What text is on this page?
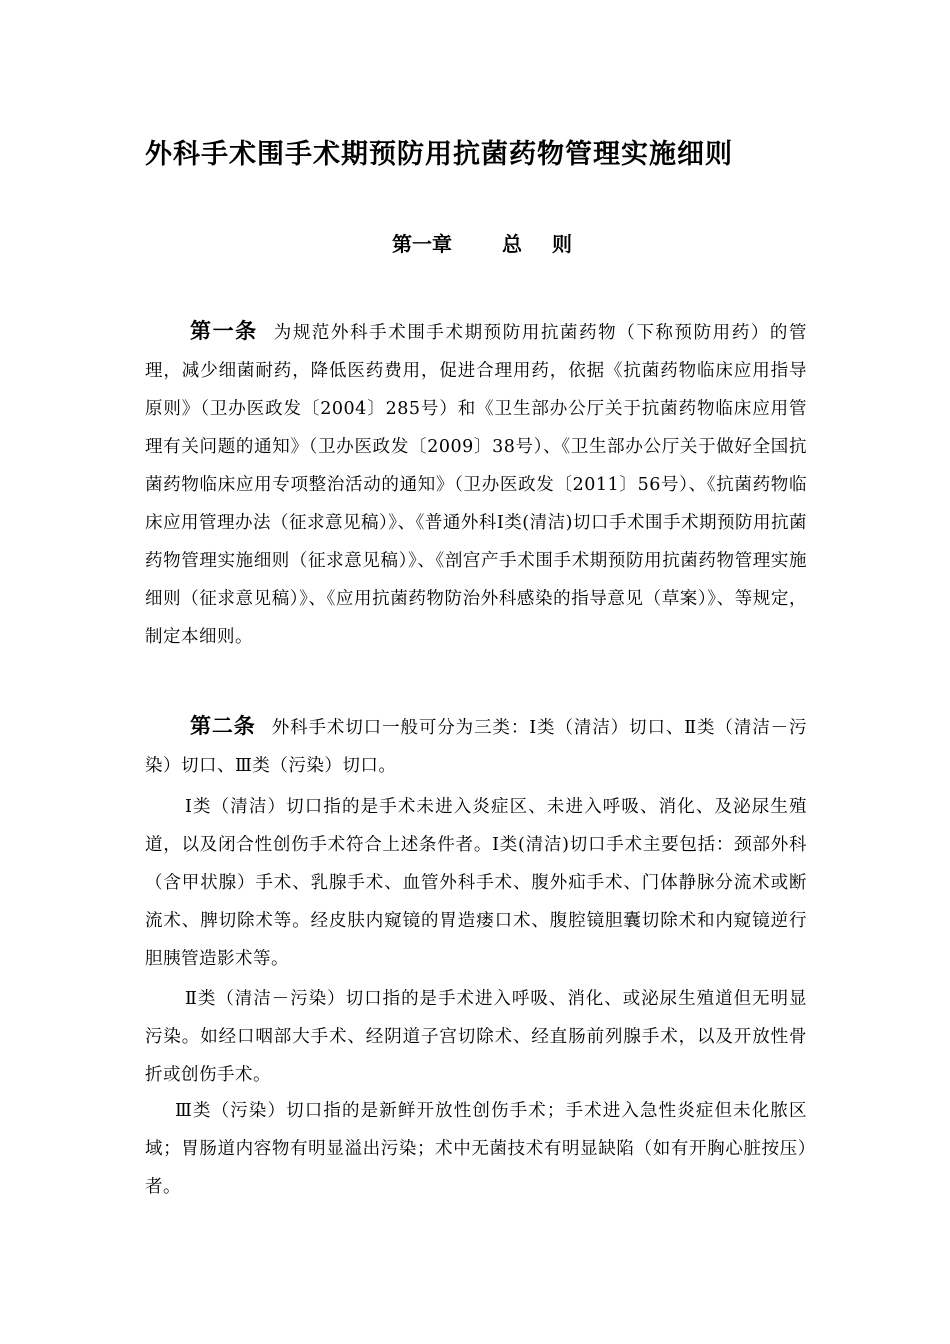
外科手术围手术期预防用抗菌药物管理实施细则
第一章	总 则

第一条 为规范外科手术围手术期预防用抗菌药物（下称预防用药）的管理，减少细菌耐药，降低医药费用，促进合理用药，依据《抗菌药物临床应用指导原则》（卫办医政发〔2004〕285号）和《卫生部办公厅关于抗菌药物临床应用管理有关问题的通知》（卫办医政发〔2009〕38号）、《卫生部办公厅关于做好全国抗菌药物临床应用专项整治活动的通知》（卫办医政发〔2011〕56号）、《抗菌药物临床应用管理办法（征求意见稿）》、《普通外科Ⅰ类(清洁)切口手术围手术期预防用抗菌药物管理实施细则（征求意见稿）》、《剖宫产手术围手术期预防用抗菌药物管理实施细则（征求意见稿）》、《应用抗菌药物防治外科感染的指导意见（草案）》、等规定，制定本细则。

第二条 外科手术切口一般可分为三类：Ⅰ类（清洁）切口、Ⅱ类（清洁－污染）切口、Ⅲ类（污染）切口。

Ⅰ类（清洁）切口指的是手术未进入炎症区、未进入呼吸、消化、及泌尿生殖道，以及闭合性创伤手术符合上述条件者。Ⅰ类(清洁)切口手术主要包括：颈部外科（含甲状腺）手术、乳腺手术、血管外科手术、腹外疝手术、门体静脉分流术或断流术、脾切除术等。经皮肤内窥镜的胃造瘘口术、腹腔镜胆囊切除术和内窥镜逆行胆胰管造影术等。

Ⅱ类（清洁－污染）切口指的是手术进入呼吸、消化、或泌尿生殖道但无明显污染。如经口咽部大手术、经阴道子宫切除术、经直肠前列腺手术，以及开放性骨折或创伤手术。

Ⅲ类（污染）切口指的是新鲜开放性创伤手术；手术进入急性炎症但未化脓区域；胃肠道内容物有明显溢出污染；术中无菌技术有明显缺陷（如有开胸心脏按压）者。
